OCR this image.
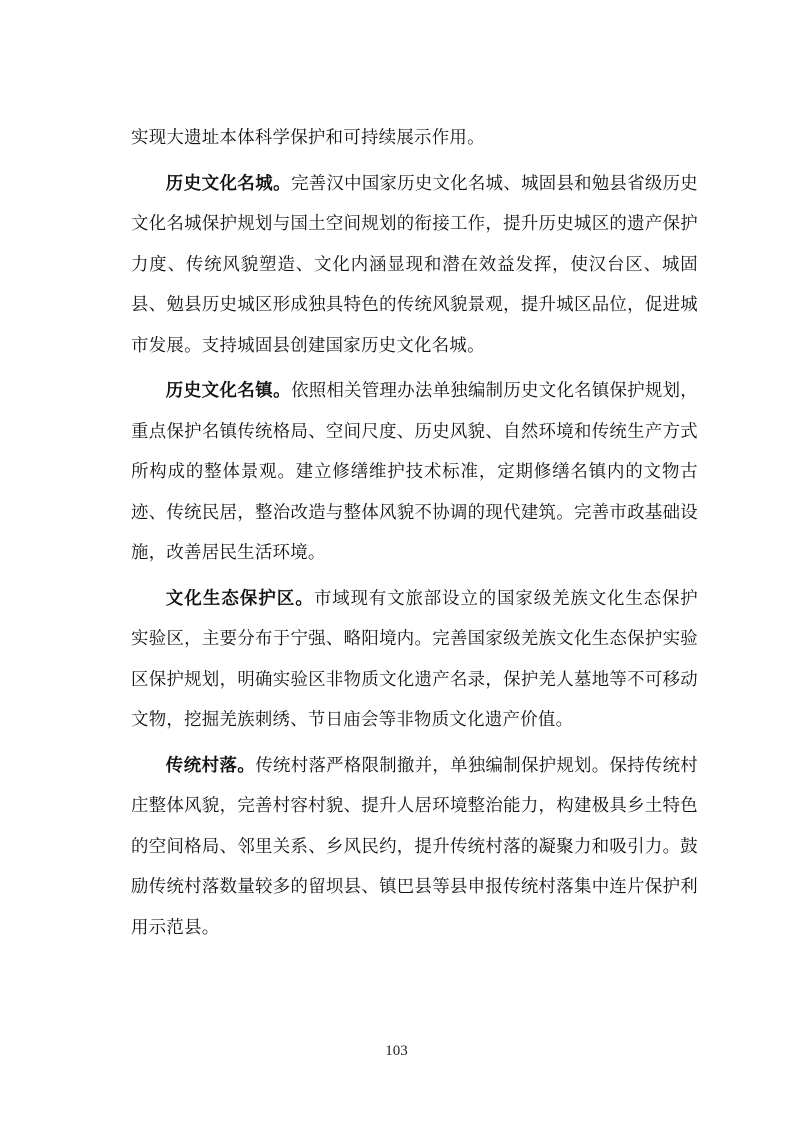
实现大遗址本体科学保护和可持续展示作用。

历史文化名城。完善汉中国家历史文化名城、城固县和勉县省级历史文化名城保护规划与国土空间规划的衔接工作，提升历史城区的遗产保护力度、传统风貌塑造、文化内涵显现和潜在效益发挥，使汉台区、城固县、勉县历史城区形成独具特色的传统风貌景观，提升城区品位，促进城市发展。支持城固县创建国家历史文化名城。

历史文化名镇。依照相关管理办法单独编制历史文化名镇保护规划，重点保护名镇传统格局、空间尺度、历史风貌、自然环境和传统生产方式所构成的整体景观。建立修缮维护技术标准，定期修缮名镇内的文物古迹、传统民居，整治改造与整体风貌不协调的现代建筑。完善市政基础设施，改善居民生活环境。

文化生态保护区。市域现有文旅部设立的国家级羌族文化生态保护实验区，主要分布于宁强、略阳境内。完善国家级羌族文化生态保护实验区保护规划，明确实验区非物质文化遗产名录，保护羌人墓地等不可移动文物，挖掘羌族刺绣、节日庙会等非物质文化遗产价值。

传统村落。传统村落严格限制撤并，单独编制保护规划。保持传统村庄整体风貌，完善村容村貌、提升人居环境整治能力，构建极具乡土特色的空间格局、邻里关系、乡风民约，提升传统村落的凝聚力和吸引力。鼓励传统村落数量较多的留坝县、镇巴县等县申报传统村落集中连片保护利用示范县。

103
